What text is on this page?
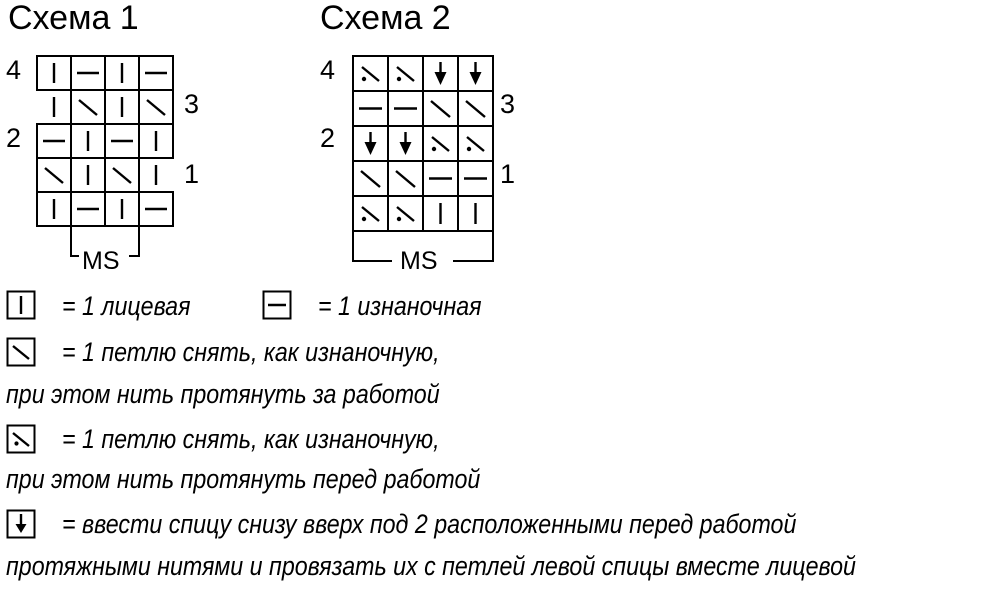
Схема 1
4
3
2
1
MS
Схема 2
4
3
2
1
MS
= 1 лицевая	= 1 изнаночная
= 1 петлю снять, как изнаночную,
при этом нить протянуть за работой
= 1 петлю снять, как изнаночную,
при этом нить протянуть перед работой
= ввести спицу снизу вверх под 2 расположенными перед работой
протяжными нитями и провязать их с петлей левой спицы вместе лицевой
